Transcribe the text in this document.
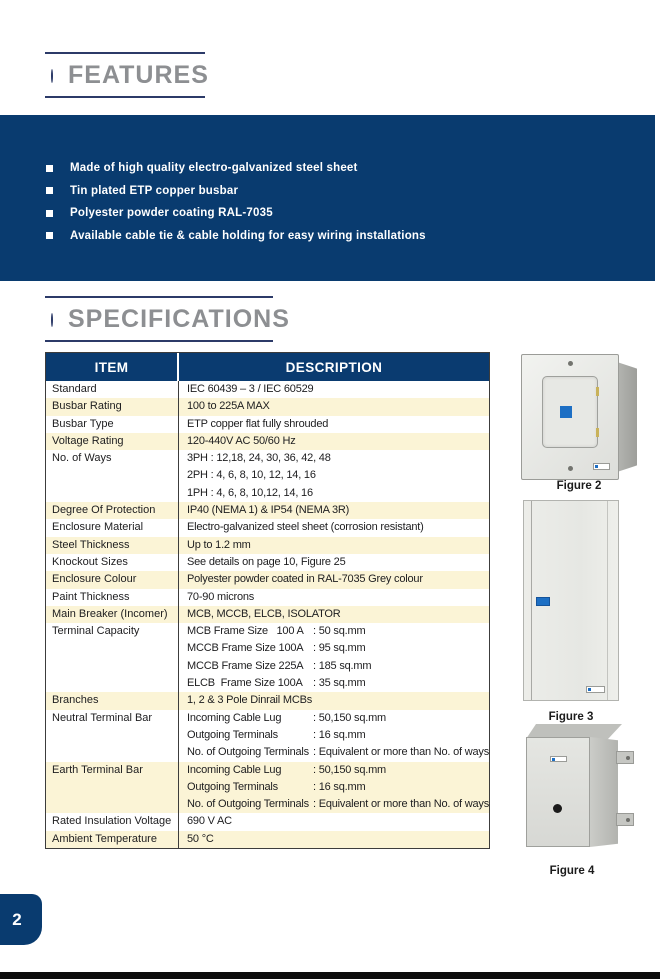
FEATURES
Made of high quality electro-galvanized steel sheet
Tin plated ETP copper busbar
Polyester powder coating RAL-7035
Available cable tie & cable holding for easy wiring installations
SPECIFICATIONS
ITEM	DESCRIPTION
Standard	IEC 60439 – 3 / IEC 60529
Busbar Rating	100 to 225A MAX
Busbar Type	ETP copper flat fully shrouded
Voltage Rating	120-440V AC 50/60 Hz
No. of Ways	3PH : 12,18, 24, 30, 36, 42, 48
2PH : 4, 6, 8, 10, 12, 14, 16
1PH : 4, 6, 8, 10,12, 14, 16
Degree Of Protection	IP40 (NEMA 1) & IP54 (NEMA 3R)
Enclosure Material	Electro-galvanized steel sheet (corrosion resistant)
Steel Thickness	Up to 1.2 mm
Knockout Sizes	See details on page 10, Figure 25
Enclosure Colour	Polyester powder coated in RAL-7035 Grey colour
Paint Thickness	70-90 microns
Main Breaker (Incomer)	MCB, MCCB, ELCB, ISOLATOR
Terminal Capacity	MCB Frame Size   100 A : 50 sq.mm
MCCB Frame Size 100A : 95 sq.mm
MCCB Frame Size 225A : 185 sq.mm
ELCB  Frame Size 100A : 35 sq.mm
Branches	1, 2 & 3 Pole Dinrail MCBs
Neutral Terminal Bar	Incoming Cable Lug	: 50,150 sq.mm
Outgoing Terminals	: 16 sq.mm
No. of Outgoing Terminals : Equivalent or more than No. of ways
Earth Terminal Bar	Incoming Cable Lug	: 50,150 sq.mm
Outgoing Terminals	: 16 sq.mm
No. of Outgoing Terminals : Equivalent or more than No. of ways
Rated Insulation Voltage	690 V AC
Ambient Temperature	50 °C
Figure 2
Figure 3
Figure 4
2
